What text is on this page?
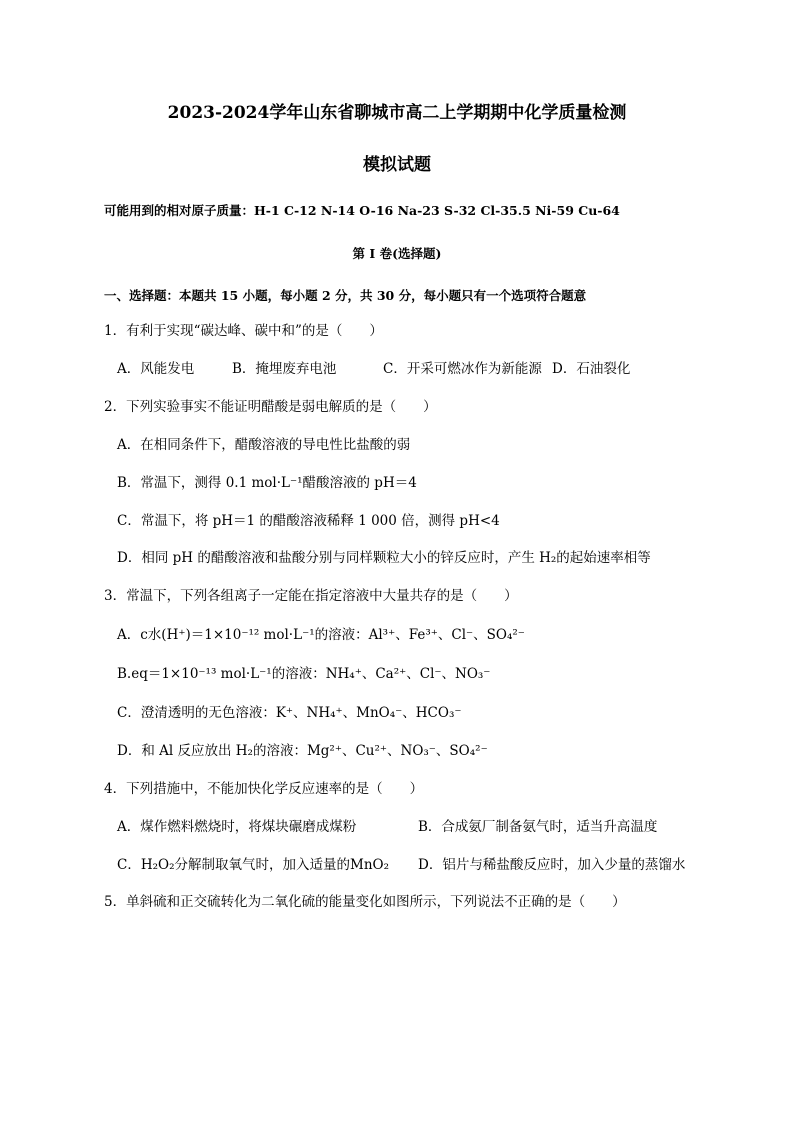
2023-2024学年山东省聊城市高二上学期期中化学质量检测
模拟试题
可能用到的相对原子质量：H-1 C-12 N-14 O-16 Na-23 S-32 Cl-35.5 Ni-59 Cu-64
第 I 卷(选择题)
一、选择题：本题共 15 小题，每小题 2 分，共 30 分，每小题只有一个选项符合题意
1．有利于实现“碳达峰、碳中和”的是（　　）
A．风能发电	B．掩埋废弃电池	C．开采可燃冰作为新能源 D．石油裂化
2．下列实验事实不能证明醋酸是弱电解质的是（　　）
A．在相同条件下，醋酸溶液的导电性比盐酸的弱
B．常温下，测得 0.1 mol·L⁻¹醋酸溶液的 pH＝4
C．常温下，将 pH＝1 的醋酸溶液稀释 1 000 倍，测得 pH<4
D．相同 pH 的醋酸溶液和盐酸分别与同样颗粒大小的锌反应时，产生 H₂的起始速率相等
3．常温下，下列各组离子一定能在指定溶液中大量共存的是（　　）
A．c水(H⁺)＝1×10⁻¹² mol·L⁻¹的溶液：Al³⁺、Fe³⁺、Cl⁻、SO₄²⁻
B.eq＝1×10⁻¹³ mol·L⁻¹的溶液：NH₄⁺、Ca²⁺、Cl⁻、NO₃⁻
C．澄清透明的无色溶液：K⁺、NH₄⁺、MnO₄⁻、HCO₃⁻
D．和 Al 反应放出 H₂的溶液：Mg²⁺、Cu²⁺、NO₃⁻、SO₄²⁻
4．下列措施中，不能加快化学反应速率的是（　　）
A．煤作燃料燃烧时，将煤块碾磨成煤粉	B．合成氨厂制备氨气时，适当升高温度
C．H₂O₂分解制取氧气时，加入适量的MnO₂ D．铝片与稀盐酸反应时，加入少量的蒸馏水
5．单斜硫和正交硫转化为二氧化硫的能量变化如图所示，下列说法不正确的是（　　）
